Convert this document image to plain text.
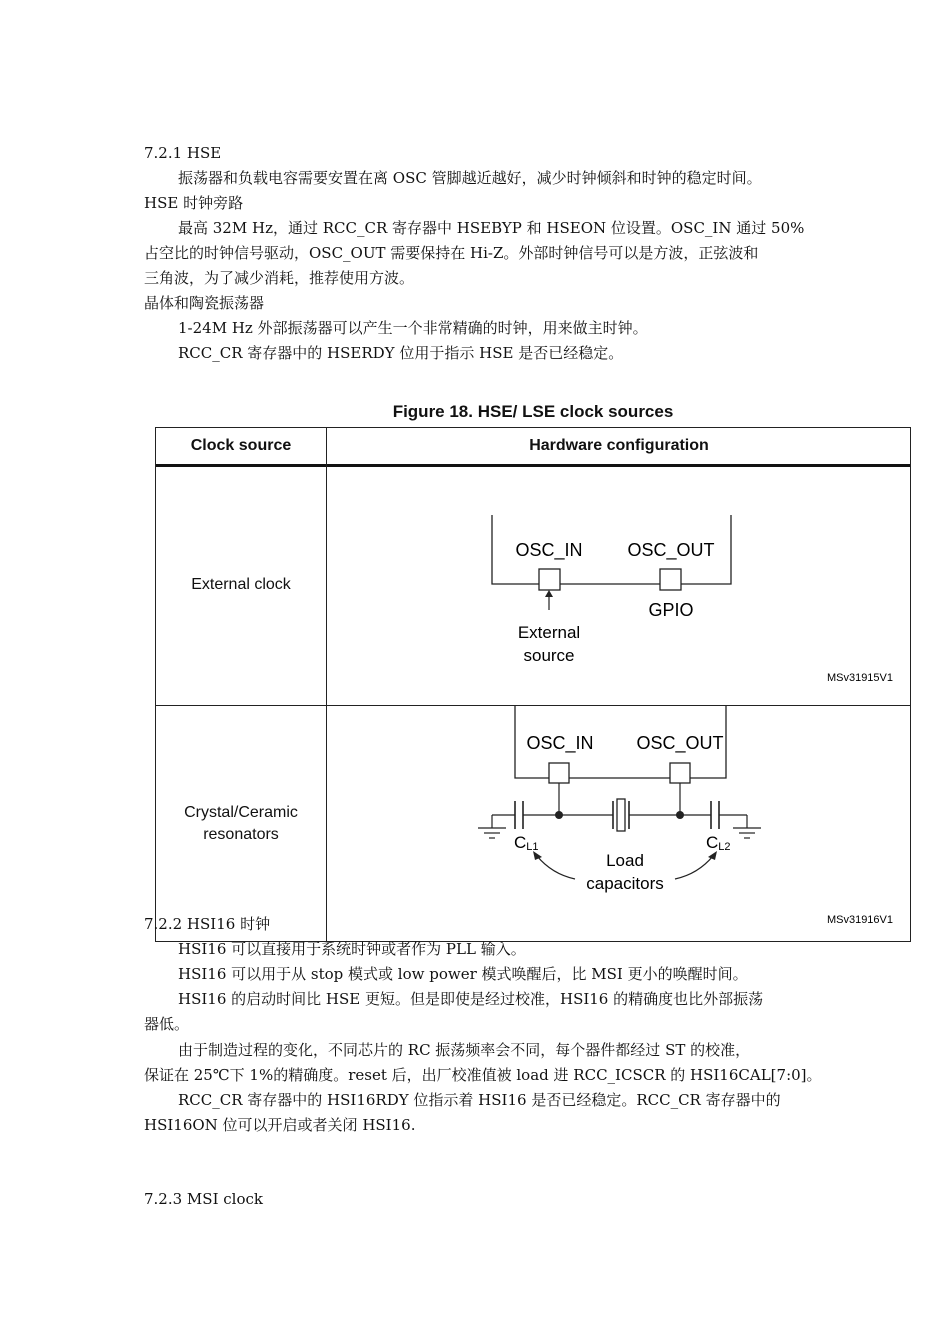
7.2.1 HSE
振荡器和负载电容需要安置在离 OSC 管脚越近越好，减少时钟倾斜和时钟的稳定时间。
HSE 时钟旁路
最高 32M Hz，通过 RCC_CR 寄存器中 HSEBYP 和 HSEON 位设置。OSC_IN 通过 50%
占空比的时钟信号驱动，OSC_OUT 需要保持在 Hi-Z。外部时钟信号可以是方波，正弦波和
三角波，为了减少消耗，推荐使用方波。
晶体和陶瓷振荡器
1-24M Hz 外部振荡器可以产生一个非常精确的时钟，用来做主时钟。
RCC_CR 寄存器中的 HSERDY 位用于指示 HSE 是否已经稳定。
Figure 18. HSE/ LSE clock sources
Clock source	Hardware configuration
External clock
Crystal/Ceramic
resonators
OSC_IN OSC_OUT
GPIO
External
source
MSv31915V1
OSC_IN OSC_OUT
CL1	CL2
Load
capacitors
MSv31916V1
7.2.2 HSI16 时钟
HSI16 可以直接用于系统时钟或者作为 PLL 输入。
HSI16 可以用于从 stop 模式或 low power 模式唤醒后，比 MSI 更小的唤醒时间。
HSI16 的启动时间比 HSE 更短。但是即使是经过校准，HSI16 的精确度也比外部振荡
器低。
由于制造过程的变化，不同芯片的 RC 振荡频率会不同，每个器件都经过 ST 的校准，
保证在 25℃下 1%的精确度。reset 后，出厂校准值被 load 进 RCC_ICSCR 的 HSI16CAL[7:0]。
RCC_CR 寄存器中的 HSI16RDY 位指示着 HSI16 是否已经稳定。RCC_CR 寄存器中的
HSI16ON 位可以开启或者关闭 HSI16.
7.2.3 MSI clock
